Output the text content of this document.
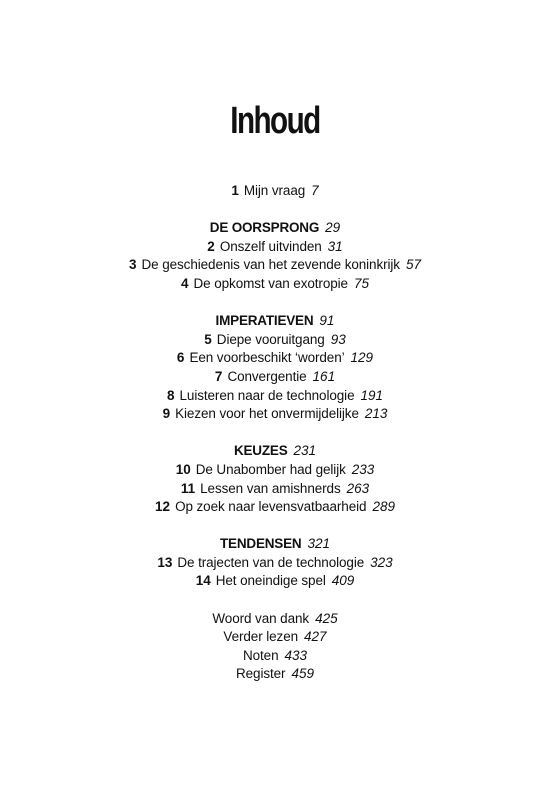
Inhoud
1 Mijn vraag 7
DE OORSPRONG 29
2 Onszelf uitvinden 31
3 De geschiedenis van het zevende koninkrijk 57
4 De opkomst van exotropie 75
IMPERATIEVEN 91
5 Diepe vooruitgang 93
6 Een voorbeschikt ‘worden’ 129
7 Convergentie 161
8 Luisteren naar de technologie 191
9 Kiezen voor het onvermijdelijke 213
KEUZES 231
10 De Unabomber had gelijk 233
11 Lessen van amishnerds 263
12 Op zoek naar levensvatbaarheid 289
TENDENSEN 321
13 De trajecten van de technologie 323
14 Het oneindige spel 409
Woord van dank 425
Verder lezen 427
Noten 433
Register 459
